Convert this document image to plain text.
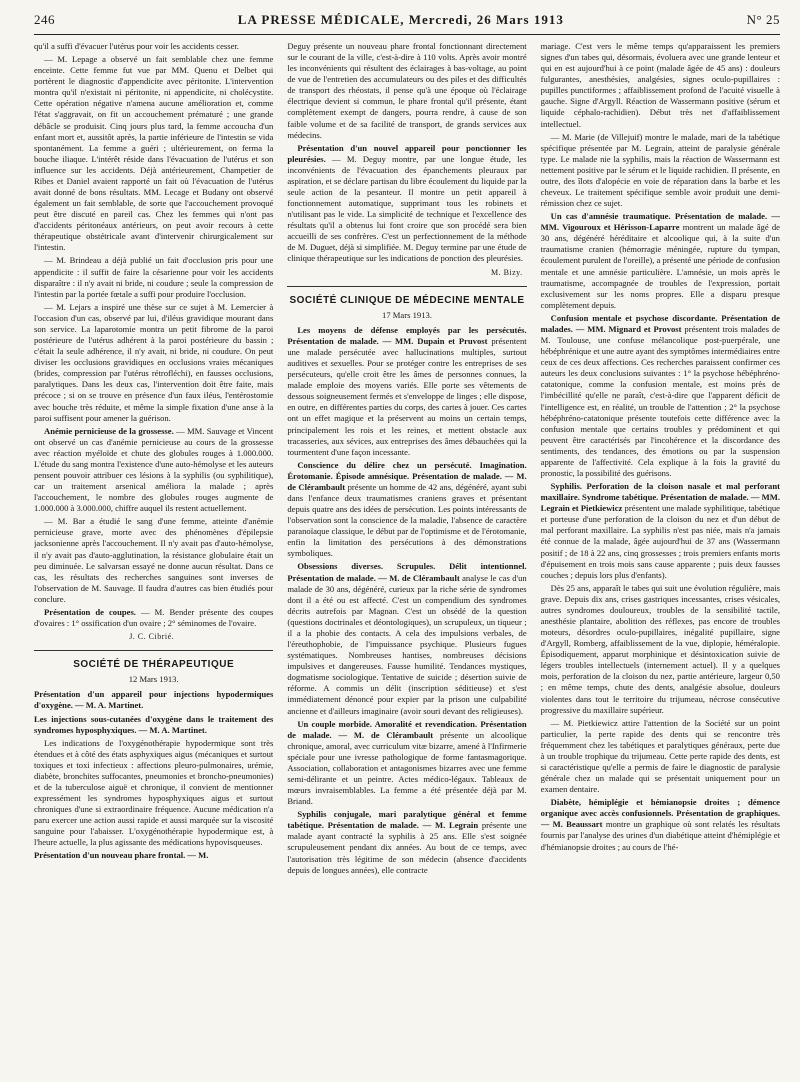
246	LA PRESSE MÉDICALE, Mercredi, 26 Mars 1913	N° 25

qu'il a suffi d'évacuer l'utérus pour voir les accidents cesser.

— M. Lepage a observé un fait semblable chez une femme enceinte. Cette femme fut vue par MM. Quenu et Delbet qui portèrent le diagnostic d'appendicite avec péritonite. L'intervention montra qu'il n'existait ni péritonite, ni appendicite, ni cholécystite. Cette opération négative n'amena aucune amélioration et, comme l'état s'aggravait, on fit un accouchement prématuré ; une grande débâcle se produisit. Cinq jours plus tard, la femme accoucha d'un enfant mort et, aussitôt après, la partie inférieure de l'intestin se vida spontanément. La femme a guéri ; ultérieurement, on ferma la bouche iliaque. L'intérêt réside dans l'évacuation de l'utérus et son influence sur les accidents. Déjà antérieurement, Champetier de Ribes et Daniel avaient rapporté un fait où l'évacuation de l'utérus avait donné de bons résultats. MM. Lecage et Budany ont observé également un fait semblable, de sorte que l'accouchement provoqué peut être discuté en pareil cas. Chez les femmes qui n'ont pas d'accidents péritonéaux antérieurs, on peut avoir recours à cette thérapeutique obstétricale avant d'intervenir chirurgicalement sur l'intestin.

— M. Brindeau a déjà publié un fait d'occlusion pris pour une appendicite : il suffit de faire la césarienne pour voir les accidents disparaître : il n'y avait ni bride, ni coudure ; seule la compression de l'intestin par la portée fœtale a suffi pour produire l'occlusion.

— M. Lejars a inspiré une thèse sur ce sujet à M. Lemercier à l'occasion d'un cas, observé par lui, d'iléus gravidique mourant dans son service. La laparotomie montra un petit fibrome de la paroi postérieure de l'utérus adhérent à la paroi postérieure du bassin ; c'était la seule adhérence, il n'y avait, ni bride, ni coudure. On peut diviser les occlusions gravidiques en occlusions vraies mécaniques (brides, compression par l'utérus rétrofléchi), en fausses occlusions, paralytiques. Dans les deux cas, l'intervention doit être faite, mais précoce ; si on se trouve en présence d'un faux iléus, l'entérostomie avec bouche très réduite, et même la simple fixation d'une anse à la paroi suffisent pour amener la guérison.

Anémie pernicieuse de la grossesse. — MM. Sauvage et Vincent ont observé un cas d'anémie pernicieuse au cours de la grossesse avec réaction myéloïde et chute des globules rouges à 1.000.000. L'étude du sang montra l'existence d'une auto-hémolyse et les auteurs pensent pouvoir attribuer ces lésions à la syphilis (ou syphilitique), car un traitement arsenical améliora la malade ; après l'accouchement, le nombre des globules rouges augmente de 1.000.000 à 3.000.000, chiffre auquel ils restent actuellement.

— M. Bar a étudié le sang d'une femme, atteinte d'anémie pernicieuse grave, morte avec des phénomènes d'épilepsie jacksonienne après l'accouchement. Il n'y avait pas d'auto-hémolyse, il n'y avait pas d'auto-agglutination, la résistance globulaire était un peu diminuée. Le salvarsan essayé ne donne aucun résultat. Dans ce cas, les résultats des recherches sanguines sont inverses de l'observation de M. Sauvage. Il faudra d'autres cas bien étudiés pour conclure.

Présentation de coupes. — M. Bender présente des coupes d'ovaires : 1° ossification d'un ovaire ; 2° séminomes de l'ovaire.

J. C. Cibrié.
SOCIÉTÉ DE THÉRAPEUTIQUE
12 Mars 1913.

Présentation d'un appareil pour injections hypodermiques d'oxygène. — M. A. Martinet.

Les injections sous-cutanées d'oxygène dans le traitement des syndromes hyposphyxiques. — M. A. Martinet.

Les indications de l'oxygénothérapie hypodermique sont très étendues et à côté des états asphyxiques aigus (mécaniques et surtout toxiques et toxi infectieux : affections pleuro-pulmonaires, urémie, diabète, bronchites suffocantes, pneumonies et broncho-pneumonies) et de la tuberculose aiguë et chronique, il convient de mentionner expressément les syndromes hyposphyxiques aigus et surtout chroniques d'une si extraordinaire fréquence. Aucune médication n'a paru exercer une action aussi rapide et aussi marquée sur la viscosité sanguine pour l'abaisser. L'oxygénothérapie hypodermique est, à l'heure actuelle, la plus agissante des médications hypovisqueuses.

Présentation d'un nouveau phare frontal. — M.

Deguy présente un nouveau phare frontal fonctionnant directement sur le courant de la ville, c'est-à-dire à 110 volts. Après avoir montré les inconvénients qui résultent des éclairages à bas-voltage, au point de vue de l'entretien des accumulateurs ou des piles et des difficultés de transport des rhéostats, il pense qu'à une époque où l'éclairage électrique devient si commun, le phare frontal qu'il présente, étant complètement exempt de dangers, pourra rendre, à cause de son faible volume et de sa facilité de transport, de grands services aux médecins.

Présentation d'un nouvel appareil pour ponctionner les pleurésies. — M. Deguy montre, par une longue étude, les inconvénients de l'évacuation des épanchements pleuraux par aspiration, et se déclare partisan du libre écoulement du liquide par la seule action de la pesanteur. Il montre un petit appareil à fonctionnement automatique, supprimant tous les robinets et n'utilisant pas le vide. La simplicité de technique et l'excellence des résultats qu'il a obtenus lui font croire que son procédé sera bien accueilli de ses confrères. C'est un perfectionnement de la méthode de M. Duguet, déjà si simplifiée. M. Deguy termine par une étude de clinique thérapeutique sur les indications de ponction des pleurésies.

M. Bizy.
SOCIÉTÉ CLINIQUE DE MÉDECINE MENTALE
17 Mars 1913.

Les moyens de défense employés par les persécutés. Présentation de malade. — MM. Dupain et Pruvost présentent une malade persécutée avec hallucinations multiples, surtout auditives et sexuelles. Pour se protéger contre les entreprises de ses persécuteurs, qu'elle croit être les âmes de personnes connues, la malade emploie des moyens variés. Elle porte ses vêtements de dessous soigneusement fermés et s'enveloppe de linges ; elle dispose, en outre, en différentes parties du corps, des cartes à jouer. Ces cartes ont un effet magique et la préservent au moins un certain temps, principalement les rois et les reines, et mettent obstacle aux tracasseries, aux sévices, aux entreprises des âmes débauchées qui la tourmentent d'une façon incessante.

Conscience du délire chez un persécuté. Imagination. Érotomanie. Épisode amnésique. Présentation de malade. — M. de Clérambault présente un homme de 42 ans, dégénéré, ayant subi dans l'enfance deux traumatismes craniens graves et présentant depuis quatre ans des idées de persécution. Les points intéressants de l'observation sont la conscience de la maladie, l'absence de caractère paranoïaque classique, le début par de l'optimisme et de l'érotomanie, enfin la limitation des persécutions à des démonstrations symboliques.

Obsessions diverses. Scrupules. Délit intentionnel. Présentation de malade. — M. de Clérambault analyse le cas d'un malade de 30 ans, dégénéré, curieux par la riche série de syndromes dont il a été ou est affecté. C'est un compendium des syndromes décrits autrefois par Magnan. C'est un obsédé de la question (questions doctrinales et déontologiques), un scrupuleux, un tiqueur ; il a la phobie des contacts. A cela des impulsions verbales, de l'éreuthophobie, de l'impuissance psychique. Plusieurs fugues systématiques. Nombreuses hantises, nombreuses décisions impulsives et dangereuses. Fausse humilité. Tendances mystiques, dogmatisme sociologique. Tentative de suicide ; désertion suivie de réforme. A commis un délit (inscription séditieuse) et s'est immédiatement dénoncé pour expier par la prison une culpabilité ancienne et d'ailleurs imaginaire (avoir souri devant des religieuses).

Un couple morbide. Amoralité et revendication. Présentation de malade. — M. de Clérambault présente un alcoolique chronique, amoral, avec curriculum vitæ bizarre, amené à l'Infirmerie spéciale pour une ivresse pathologique de forme fantasmagorique. Association, collaboration et antagonismes bizarres avec une femme semi-délirante et un peintre. Actes médico-légaux. Tableaux de mœurs invraisemblables. La femme a été présentée déjà par M. Briand.

Syphilis conjugale, mari paralytique général et femme tabétique. Présentation de malade. — M. Legrain présente une malade ayant contracté la syphilis à 25 ans. Elle s'est soignée scrupuleusement pendant dix années. Au bout de ce temps, avec l'autorisation très légitime de son médecin (absence d'accidents depuis de longues années), elle contracte

mariage. C'est vers le même temps qu'apparaissent les premiers signes d'un tabes qui, désormais, évoluera avec une grande lenteur et qui en est aujourd'hui à ce point (malade âgée de 45 ans) : douleurs fulgurantes, anesthésies, analgésies, signes oculo-pupillaires : pupilles punctiformes ; affaiblissement profond de l'acuité visuelle à gauche. Signe d'Argyll. Réaction de Wassermann positive (sérum et liquide céphalo-rachidien). Début très net d'affaiblissement intellectuel.

— M. Marie (de Villejuif) montre le malade, mari de la tabétique spécifique présentée par M. Legrain, atteint de paralysie générale type. Le malade nie la syphilis, mais la réaction de Wassermann est nettement positive par le sérum et le liquide rachidien. Il présente, en outre, des îlots d'alopécie en voie de réparation dans la barbe et les cheveux. Le traitement spécifique semble avoir produit une demi-rémission chez ce sujet.

Un cas d'amnésie traumatique. Présentation de malade. — MM. Vigouroux et Hérisson-Laparre montrent un malade âgé de 30 ans, dégénéré héréditaire et alcoolique qui, à la suite d'un traumatisme cranien (hémorragie méningée, rupture du tympan, écoulement purulent de l'oreille), a présenté une période de confusion mentale et une amnésie particulière. L'amnésie, un mois après le traumatisme, accompagnée de troubles de l'expression, portait exclusivement sur les noms propres. Elle a disparu presque complètement depuis.

Confusion mentale et psychose discordante. Présentation de malades. — MM. Mignard et Provost présentent trois malades de M. Toulouse, une confuse mélancolique post-puerpérale, une hébéphrénique et une autre ayant des symptômes intermédiaires entre ceux de ces deux affections. Ces recherches paraissent confirmer ces auteurs les deux conclusions suivantes : 1° la psychose hébéphréno-catatonique, comme la confusion mentale, est moins près de l'imbécillité qu'elle ne paraît, c'est-à-dire que l'apparent déficit de l'intelligence est, en réalité, un trouble de l'attention ; 2° la psychose hébéphréno-catatonique présente toutefois cette différence avec la confusion mentale que certains troubles y prédominent et qui peuvent être caractérisés par l'incohérence et la discordance des sentiments, des tendances, des émotions ou par la suspension apparente de l'affectivité. Cela explique à la fois la gravité du pronostic, la possibilité des guérisons.

Syphilis. Perforation de la cloison nasale et mal perforant maxillaire. Syndrome tabétique. Présentation de malade. — MM. Legrain et Pietkiewicz présentent une malade syphilitique, tabétique et porteuse d'une perforation de la cloison du nez et d'un début de mal perforant maxillaire. La syphilis n'est pas niée, mais n'a jamais été connue de la malade, âgée aujourd'hui de 37 ans (Wassermann positif ; de 18 à 22 ans, cinq grossesses ; trois premiers enfants morts d'épuisement en trois mois sans cause apparente ; puis deux fausses couches ; depuis lors plus d'enfants).

Dès 25 ans, apparaît le tabes qui suit une évolution régulière, mais grave. Depuis dix ans, crises gastriques incessantes, crises vésicales, autres syndromes douloureux, troubles de la sensibilité tactile, anesthésie plantaire, abolition des réflexes, pas encore de troubles moteurs, désordres oculo-pupillaires, inégalité pupillaire, signe d'Argyll, Romberg, affaiblissement de la vue, diplopie, héméralopie. Épisodiquement, apparut morphinique et désintoxication suivie de légers troubles intellectuels (internement actuel). Il y a quelques mois, perforation de la cloison du nez, partie antérieure, largeur 0,50 ; en même temps, chute des dents, analgésie absolue, douleurs violentes dans tout le territoire du trijumeau, nécrose consécutive progressive du maxillaire supérieur.

— M. Pietkiewicz attire l'attention de la Société sur un point particulier, la perte rapide des dents qui se rencontre très fréquemment chez les tabétiques et paralytiques généraux, perte due à un trouble trophique du trijumeau. Cette perte rapide des dents, est si caractéristique qu'elle a permis de faire le diagnostic de paralysie générale chez un malade qui se présentait uniquement pour un examen dentaire.

Diabète, hémiplégie et hémianopsie droites ; démence organique avec accès confusionnels. Présentation de graphiques. — M. Beaussart montre un graphique où sont relatés les résultats fournis par l'analyse des urines d'un diabétique atteint d'hémiplégie et d'hémianopsie droites ; au cours de l'hé-
